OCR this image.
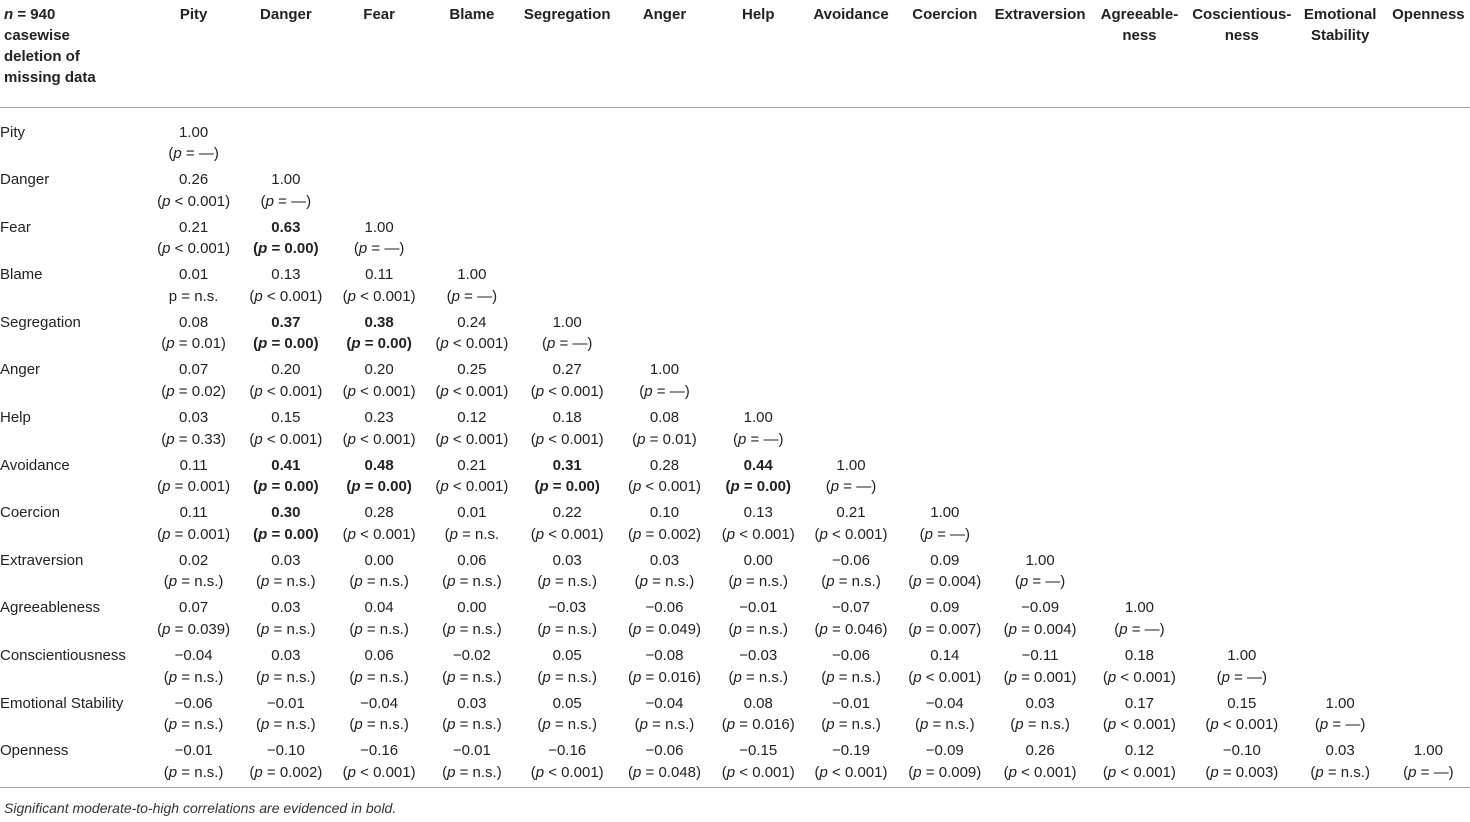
n = 940
casewise
deletion of
missing data	Pity	Danger	Fear	Blame	Segregation	Anger	Help	Avoidance	Coercion	Extraversion	Agreeable-
ness	Coscientious-
ness	Emotional
Stability	Openness

Pity	1.00
(p = —)													

Danger	0.26
(p < 0.001)	1.00
(p = —)												

Fear	0.21
(p < 0.001)	0.63
(p = 0.00)	1.00
(p = —)											

Blame	0.01
p = n.s.	0.13
(p < 0.001)	0.11
(p < 0.001)	1.00
(p = —)										

Segregation	0.08
(p = 0.01)	0.37
(p = 0.00)	0.38
(p = 0.00)	0.24
(p < 0.001)	1.00
(p = —)									

Anger	0.07
(p = 0.02)	0.20
(p < 0.001)	0.20
(p < 0.001)	0.25
(p < 0.001)	0.27
(p < 0.001)	1.00
(p = —)								

Help	0.03
(p = 0.33)	0.15
(p < 0.001)	0.23
(p < 0.001)	0.12
(p < 0.001)	0.18
(p < 0.001)	0.08
(p = 0.01)	1.00
(p = —)							

Avoidance	0.11
(p = 0.001)	0.41
(p = 0.00)	0.48
(p = 0.00)	0.21
(p < 0.001)	0.31
(p = 0.00)	0.28
(p < 0.001)	0.44
(p = 0.00)	1.00
(p = —)						

Coercion	0.11
(p = 0.001)	0.30
(p = 0.00)	0.28
(p < 0.001)	0.01
(p = n.s.	0.22
(p < 0.001)	0.10
(p = 0.002)	0.13
(p < 0.001)	0.21
(p < 0.001)	1.00
(p = —)					

Extraversion	0.02
(p = n.s.)	0.03
(p = n.s.)	0.00
(p = n.s.)	0.06
(p = n.s.)	0.03
(p = n.s.)	0.03
(p = n.s.)	0.00
(p = n.s.)	−0.06
(p = n.s.)	0.09
(p = 0.004)	1.00
(p = —)				

Agreeableness	0.07
(p = 0.039)	0.03
(p = n.s.)	0.04
(p = n.s.)	0.00
(p = n.s.)	−0.03
(p = n.s.)	−0.06
(p = 0.049)	−0.01
(p = n.s.)	−0.07
(p = 0.046)	0.09
(p = 0.007)	−0.09
(p = 0.004)	1.00
(p = —)			

Conscientiousness	−0.04
(p = n.s.)	0.03
(p = n.s.)	0.06
(p = n.s.)	−0.02
(p = n.s.)	0.05
(p = n.s.)	−0.08
(p = 0.016)	−0.03
(p = n.s.)	−0.06
(p = n.s.)	0.14
(p < 0.001)	−0.11
(p = 0.001)	0.18
(p < 0.001)	1.00
(p = —)		

Emotional Stability	−0.06
(p = n.s.)	−0.01
(p = n.s.)	−0.04
(p = n.s.)	0.03
(p = n.s.)	0.05
(p = n.s.)	−0.04
(p = n.s.)	0.08
(p = 0.016)	−0.01
(p = n.s.)	−0.04
(p = n.s.)	0.03
(p = n.s.)	0.17
(p < 0.001)	0.15
(p < 0.001)	1.00
(p = —)	

Openness	−0.01
(p = n.s.)	−0.10
(p = 0.002)	−0.16
(p < 0.001)	−0.01
(p = n.s.)	−0.16
(p < 0.001)	−0.06
(p = 0.048)	−0.15
(p < 0.001)	−0.19
(p < 0.001)	−0.09
(p = 0.009)	0.26
(p < 0.001)	0.12
(p < 0.001)	−0.10
(p = 0.003)	0.03
(p = n.s.)	1.00
(p = —)

Significant moderate-to-high correlations are evidenced in bold.
